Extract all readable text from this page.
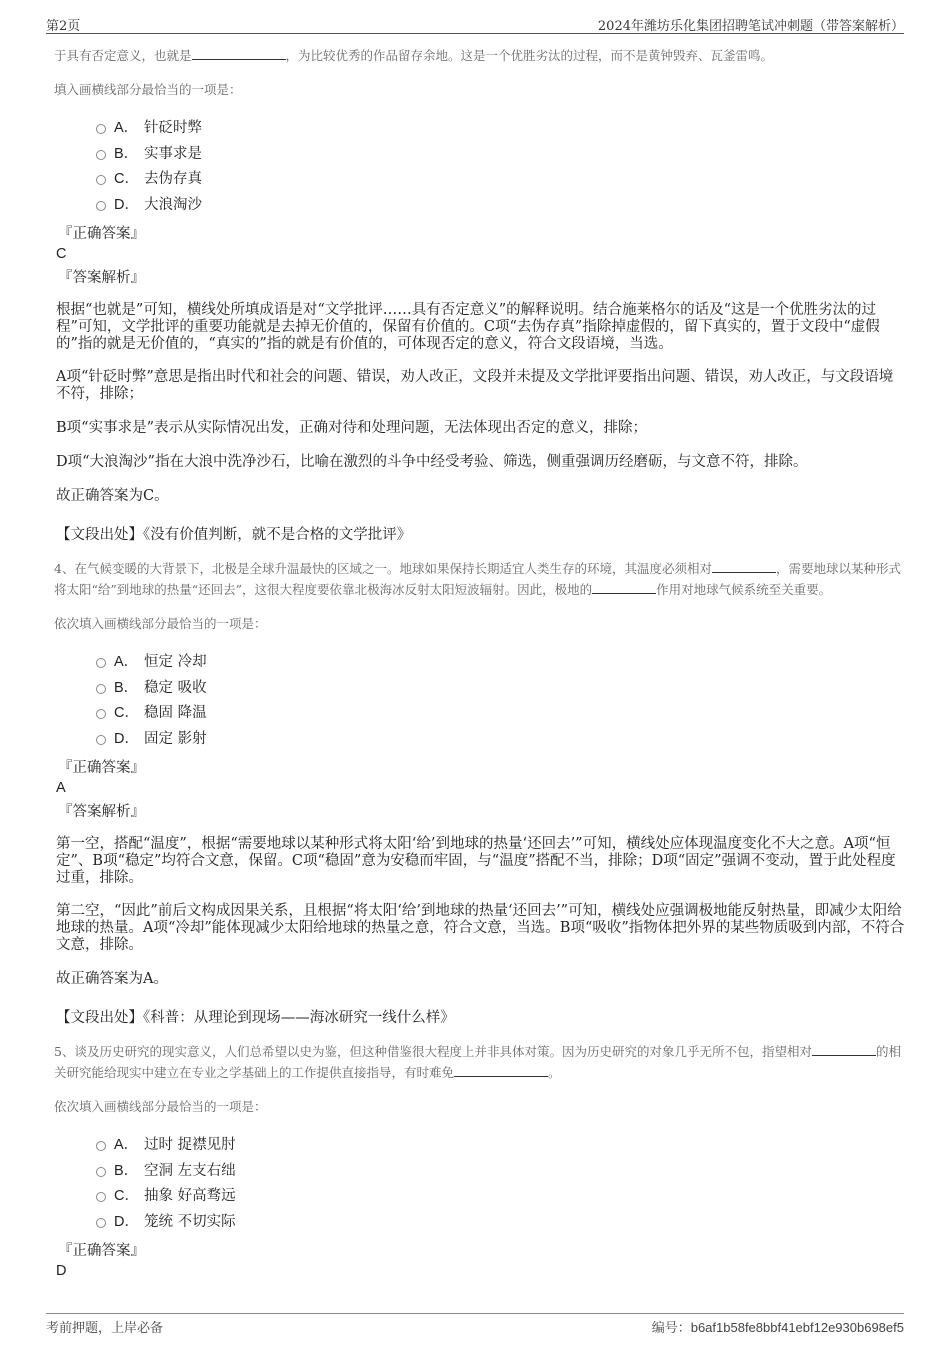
第2页	2024年潍坊乐化集团招聘笔试冲刺题（带答案解析）
于具有否定意义，也就是	，为比较优秀的作品留存余地。这是一个优胜劣汰的过程，而不是黄钟毁弃、瓦釜雷鸣。
填入画横线部分最恰当的一项是：
A． 针砭时弊
B． 实事求是
C． 去伪存真
D． 大浪淘沙
『正确答案』
C
『答案解析』
根据“也就是”可知，横线处所填成语是对“文学批评……具有否定意义”的解释说明。结合施莱格尔的话及“这是一个优胜劣汰的过程”可知，文学批评的重要功能就是去掉无价值的，保留有价值的。C项“去伪存真”指除掉虚假的，留下真实的，置于文段中“虚假的”指的就是无价值的，“真实的”指的就是有价值的，可体现否定的意义，符合文段语境，当选。
A项“针砭时弊”意思是指出时代和社会的问题、错误，劝人改正，文段并未提及文学批评要指出问题、错误，劝人改正，与文段语境不符，排除；
B项“实事求是”表示从实际情况出发，正确对待和处理问题，无法体现出否定的意义，排除；
D项“大浪淘沙”指在大浪中洗净沙石，比喻在激烈的斗争中经受考验、筛选，侧重强调历经磨砺，与文意不符，排除。
故正确答案为C。
【文段出处】《没有价值判断，就不是合格的文学批评》
4、在气候变暖的大背景下，北极是全球升温最快的区域之一。地球如果保持长期适宜人类生存的环境，其温度必须相对	，需要地球以某种形式将太阳“给”到地球的热量“还回去”，这很大程度要依靠北极海冰反射太阳短波辐射。因此，极地的	作用对地球气候系统至关重要。
依次填入画横线部分最恰当的一项是：
A． 恒定 冷却
B． 稳定 吸收
C． 稳固 降温
D． 固定 影射
『正确答案』
A
『答案解析』
第一空，搭配“温度”，根据“需要地球以某种形式将太阳‘给’到地球的热量‘还回去’”可知，横线处应体现温度变化不大之意。A项“恒定”、B项“稳定”均符合文意，保留。C项“稳固”意为安稳而牢固，与“温度”搭配不当，排除；D项“固定”强调不变动，置于此处程度过重，排除。
第二空，“因此”前后文构成因果关系，且根据“将太阳‘给’到地球的热量‘还回去’”可知，横线处应强调极地能反射热量，即减少太阳给地球的热量。A项“冷却”能体现减少太阳给地球的热量之意，符合文意，当选。B项“吸收”指物体把外界的某些物质吸到内部，不符合文意，排除。
故正确答案为A。
【文段出处】《科普：从理论到现场——海冰研究一线什么样》
5、谈及历史研究的现实意义，人们总希望以史为鉴，但这种借鉴很大程度上并非具体对策。因为历史研究的对象几乎无所不包，指望相对	的相关研究能给现实中建立在专业之学基础上的工作提供直接指导，有时难免	。
依次填入画横线部分最恰当的一项是：
A． 过时 捉襟见肘
B． 空洞 左支右绌
C． 抽象 好高骛远
D． 笼统 不切实际
『正确答案』
D
考前押题，上岸必备	编号：b6af1b58fe8bbf41ebf12e930b698ef5
